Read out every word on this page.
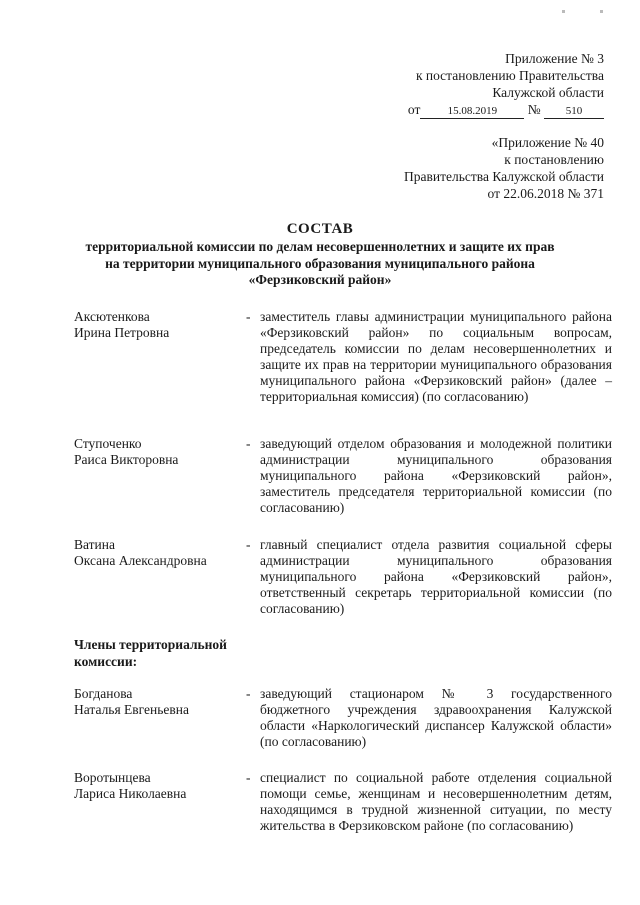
Приложение № 3
к постановлению Правительства
Калужской области
от 15.08.2019 № 510
«Приложение № 40
к постановлению
Правительства Калужской области
от 22.06.2018 № 371
СОСТАВ
территориальной комиссии по делам несовершеннолетних и защите их прав
на территории муниципального образования муниципального района
«Ферзиковский район»
Аксютенкова
Ирина Петровна
- заместитель главы администрации муниципального района «Ферзиковский район» по социальным вопросам, председатель комиссии по делам несовершеннолетних и защите их прав на территории муниципального образования муниципального района «Ферзиковский район» (далее – территориальная комиссия) (по согласованию)
Ступоченко
Раиса Викторовна
- заведующий отделом образования и молодежной политики администрации муниципального образования муниципального района «Ферзиковский район», заместитель председателя территориальной комиссии (по согласованию)
Ватина
Оксана Александровна
- главный специалист отдела развития социальной сферы администрации муниципального образования муниципального района «Ферзиковский район», ответственный секретарь территориальной комиссии (по согласованию)
Члены территориальной комиссии:
Богданова
Наталья Евгеньевна
- заведующий стационаром № 3 государственного бюджетного учреждения здравоохранения Калужской области «Наркологический диспансер Калужской области» (по согласованию)
Воротынцева
Лариса Николаевна
- специалист по социальной работе отделения социальной помощи семье, женщинам и несовершеннолетним детям, находящимся в трудной жизненной ситуации, по месту жительства в Ферзиковском районе (по согласованию)
